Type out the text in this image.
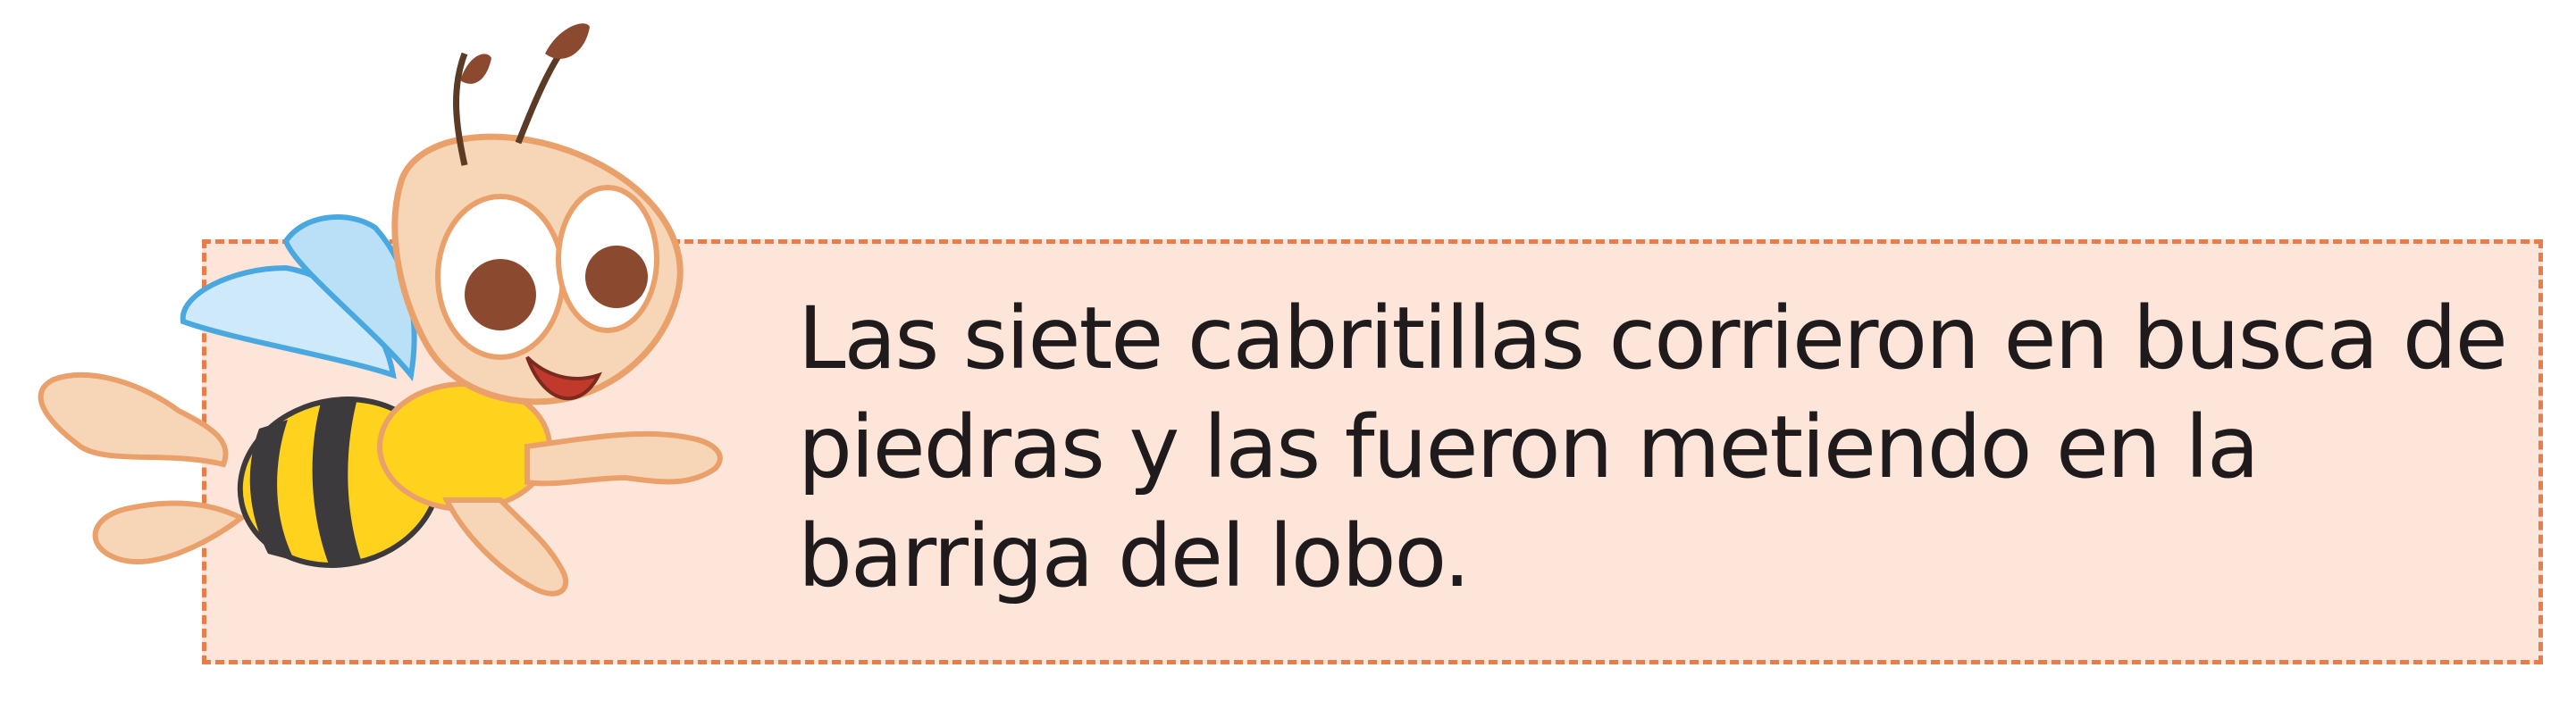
Las siete cabritillas corrieron en busca de piedras y las fueron metiendo en la barriga del lobo.
